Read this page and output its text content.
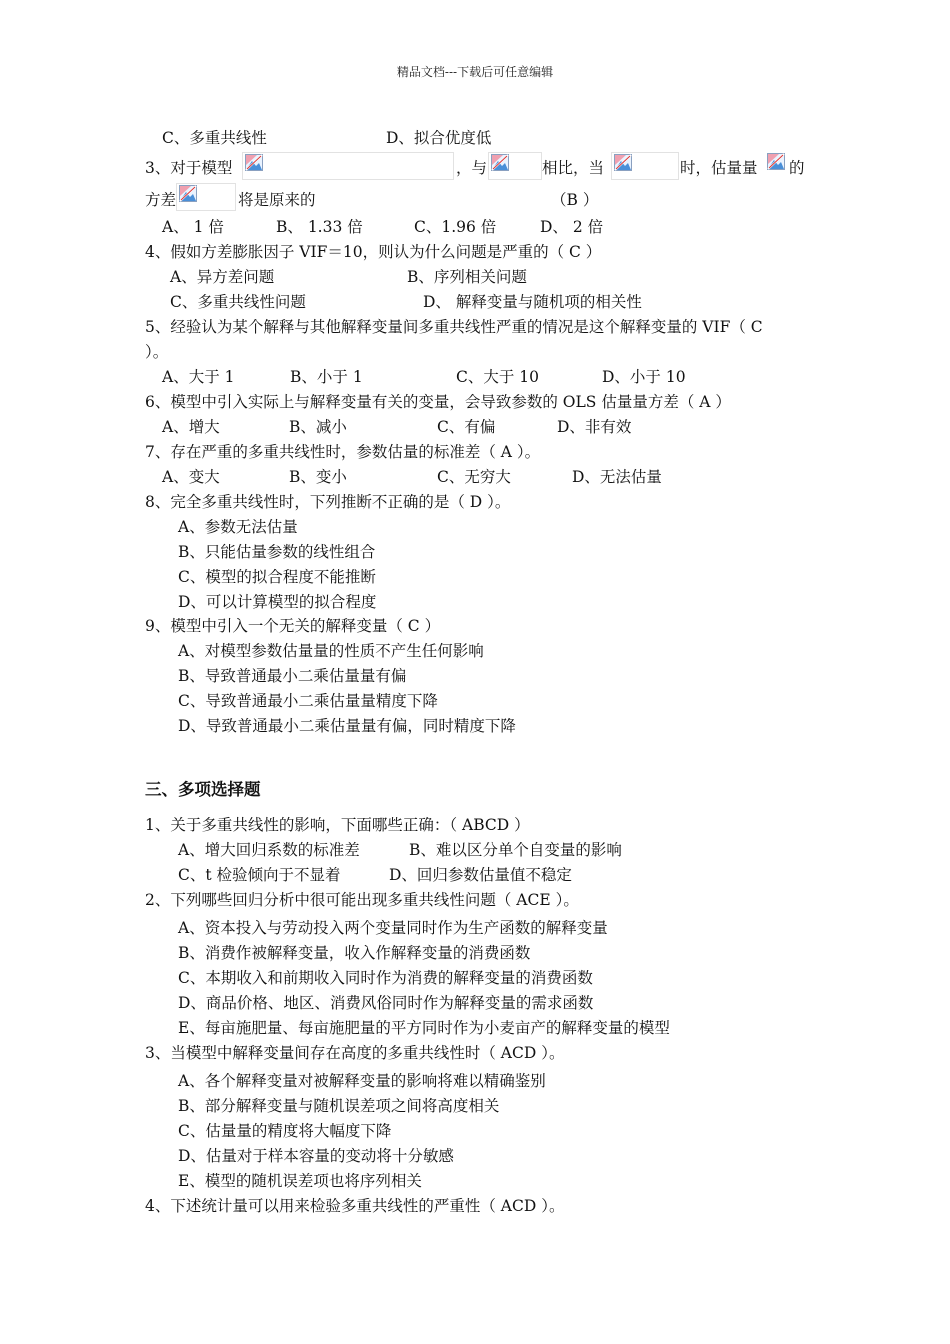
精品文档---下载后可任意编辑
C、多重共线性	D、拟合优度低
3、对于模型	，与	相比，当	时，估量量 的
方差	将是原来的	（B ）
A、 1 倍	B、 1.33 倍	C、1.96 倍	D、 2 倍
4、假如方差膨胀因子 VIF＝10，则认为什么问题是严重的（ C ）
A、异方差问题	B、序列相关问题
C、多重共线性问题	D、 解释变量与随机项的相关性
5、经验认为某个解释与其他解释变量间多重共线性严重的情况是这个解释变量的 VIF（ C
）。
A、大于 1	B、小于 1	C、大于 10	D、小于 10
6、模型中引入实际上与解释变量有关的变量，会导致参数的 OLS 估量量方差（ A ）
A、增大	B、减小	C、有偏	D、非有效
7、存在严重的多重共线性时，参数估量的标准差（ A ）。
A、变大	B、变小	C、无穷大	D、无法估量
8、完全多重共线性时，下列推断不正确的是（ D ）。
A、参数无法估量
B、只能估量参数的线性组合
C、模型的拟合程度不能推断
D、可以计算模型的拟合程度
9、模型中引入一个无关的解释变量（ C ）
A、对模型参数估量量的性质不产生任何影响
B、导致普通最小二乘估量量有偏
C、导致普通最小二乘估量量精度下降
D、导致普通最小二乘估量量有偏，同时精度下降
三、多项选择题
1、关于多重共线性的影响，下面哪些正确：（ ABCD ）
A、增大回归系数的标准差	B、难以区分单个自变量的影响
C、t 检验倾向于不显着	D、回归参数估量值不稳定
2、下列哪些回归分析中很可能出现多重共线性问题（ ACE ）。
A、资本投入与劳动投入两个变量同时作为生产函数的解释变量
B、消费作被解释变量，收入作解释变量的消费函数
C、本期收入和前期收入同时作为消费的解释变量的消费函数
D、商品价格、地区、消费风俗同时作为解释变量的需求函数
E、每亩施肥量、每亩施肥量的平方同时作为小麦亩产的解释变量的模型
3、当模型中解释变量间存在高度的多重共线性时（ ACD ）。
A、各个解释变量对被解释变量的影响将难以精确鉴别
B、部分解释变量与随机误差项之间将高度相关
C、估量量的精度将大幅度下降
D、估量对于样本容量的变动将十分敏感
E、模型的随机误差项也将序列相关
4、下述统计量可以用来检验多重共线性的严重性（ ACD ）。
